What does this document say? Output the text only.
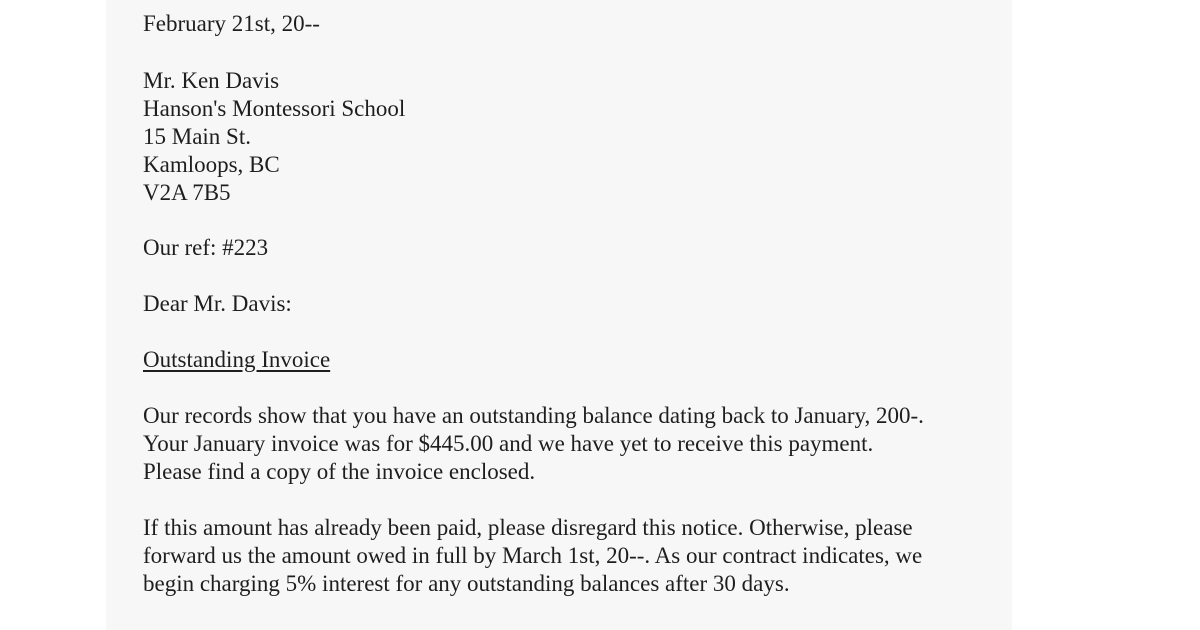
February 21st, 20--
Mr. Ken Davis
Hanson's Montessori School
15 Main St.
Kamloops, BC
V2A 7B5
Our ref: #223
Dear Mr. Davis:
Outstanding Invoice
Our records show that you have an outstanding balance dating back to January, 200-.
Your January invoice was for $445.00 and we have yet to receive this payment.
Please find a copy of the invoice enclosed.
If this amount has already been paid, please disregard this notice. Otherwise, please
forward us the amount owed in full by March 1st, 20--. As our contract indicates, we
begin charging 5% interest for any outstanding balances after 30 days.
